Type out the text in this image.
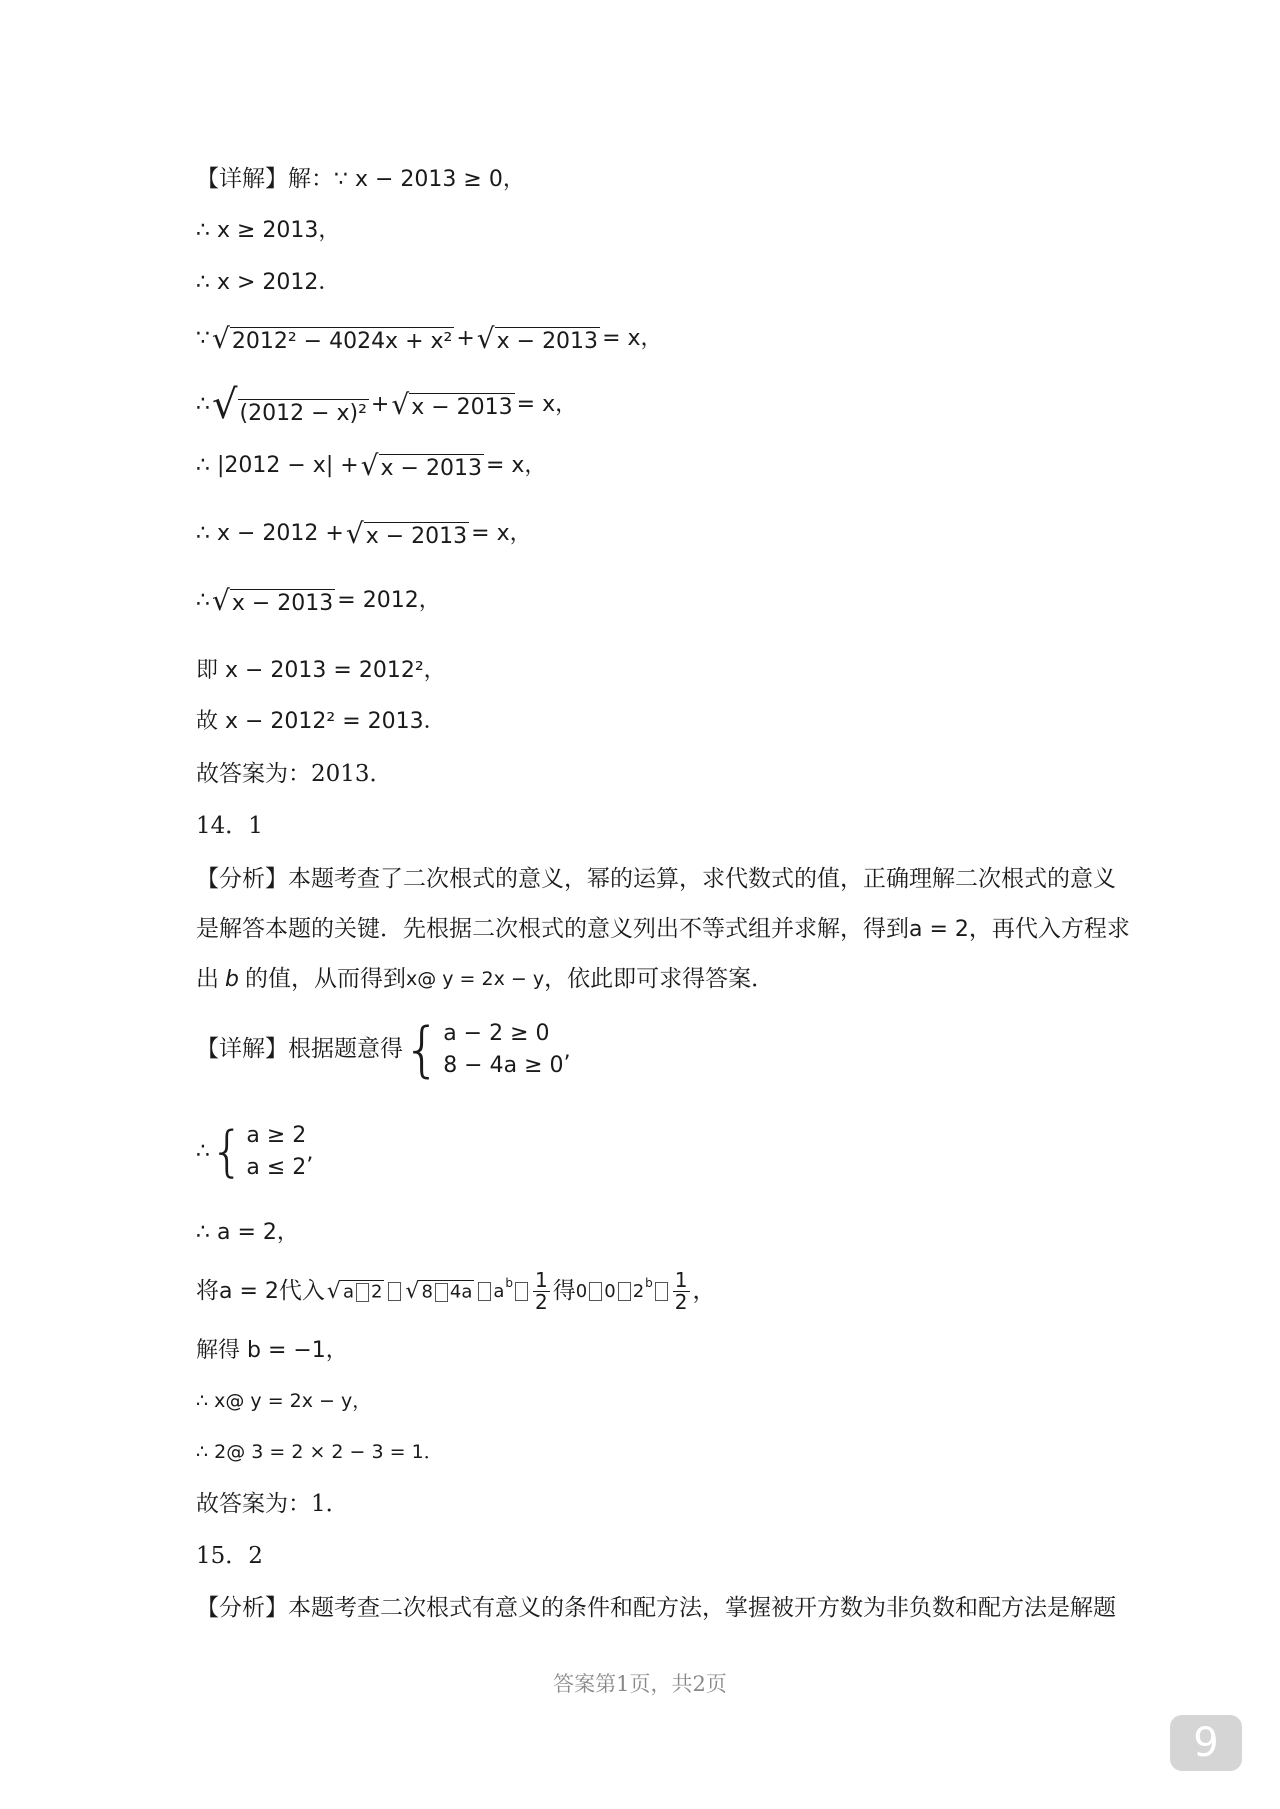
【详解】解： ∵ x − 2013 ≥ 0，
∴ x ≥ 2013，
∴ x > 2012．
∵ √ 2012² − 4024x + x² + √ x − 2013 = x，
∴ √ (2012 − x)² + √ x − 2013 = x，
∴ |2012 − x| + √ x − 2013 = x，
∴ x − 2012 + √ x − 2013 = x，
∴ √ x − 2013 = 2012，
即 x − 2013 = 2012²，
故 x − 2012² = 2013．
故答案为：2013．
14．1
【分析】本题考查了二次根式的意义，幂的运算，求代数式的值，正确理解二次根式的意义
是解答本题的关键．先根据二次根式的意义列出不等式组并求解，得到 a = 2 ，再代入方程求
出 b 的值，从而得到 x@ y = 2x − y ，依此即可求得答案．
【详解】根据题意得 { a − 2 ≥ 0
8 − 4a ≥ 0 ’
∴ { a ≥ 2
a ≤ 2 ’
∴ a = 2，
将 a = 2 代入 √ a 2 √ 8 4a a b $\frac{1}{2}$ 得 0 0 2 b $\frac{1}{2}$ ，
解得 b = −1，
∴ x@ y = 2x − y，
∴ 2@ 3 = 2 × 2 − 3 = 1．
故答案为：1．
15．2
【分析】本题考查二次根式有意义的条件和配方法，掌握被开方数为非负数和配方法是解题
答案第1页，共2页
9
